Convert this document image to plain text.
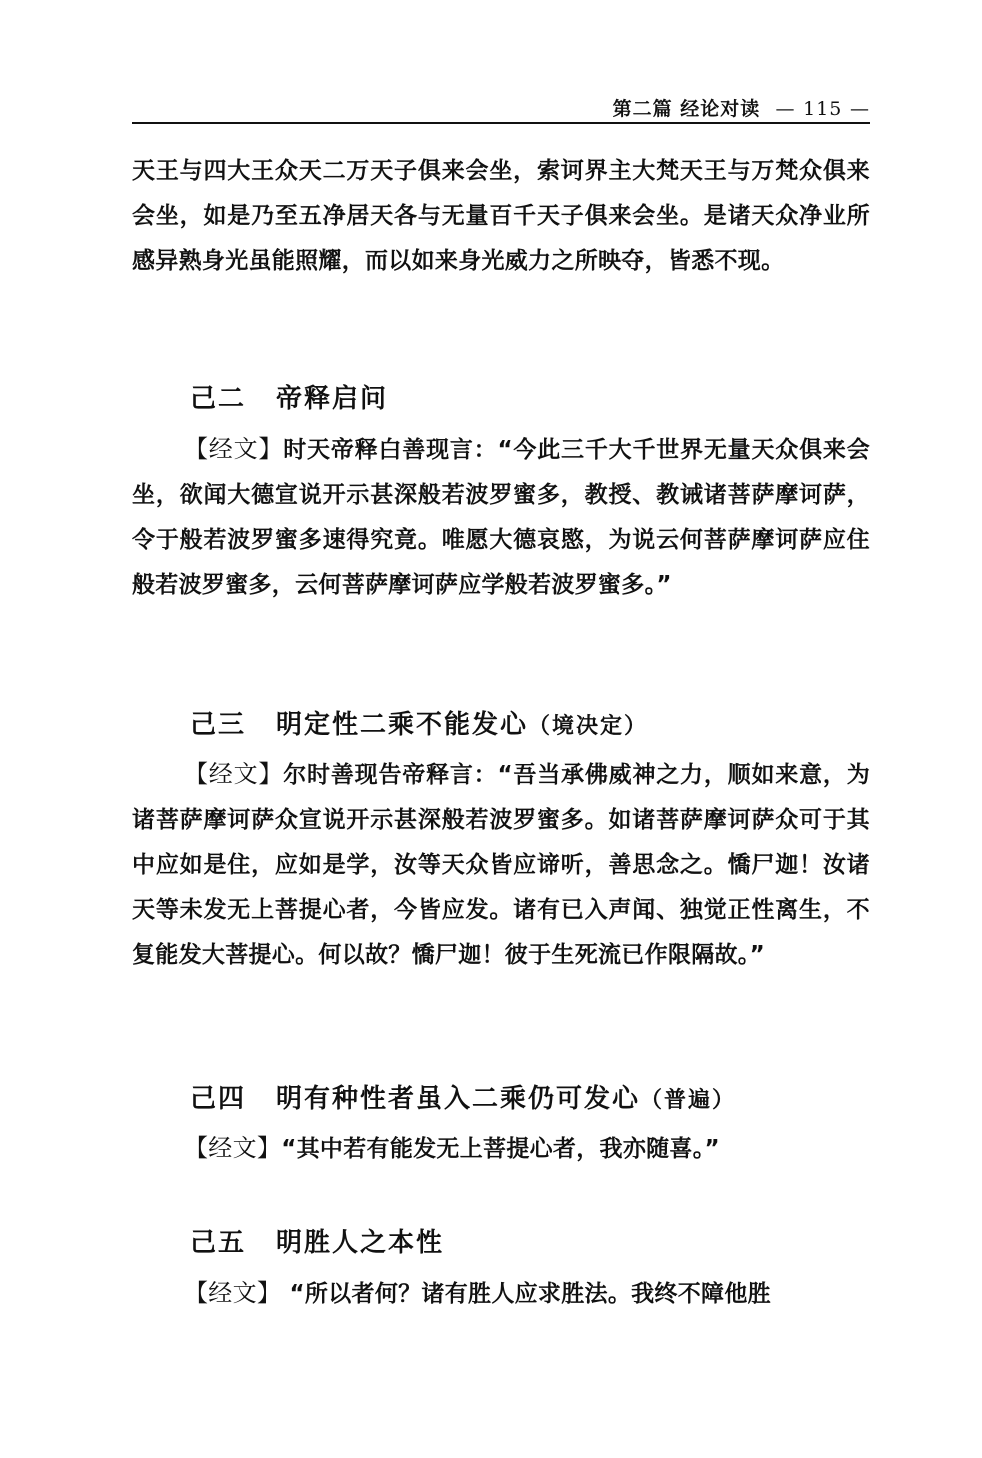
第二篇 经论对读 — 115 —

天王与四大王众天二万天子俱来会坐，索诃界主大梵天王与万梵众俱来会坐，如是乃至五净居天各与无量百千天子俱来会坐。是诸天众净业所感异熟身光虽能照耀，而以如来身光威力之所映夺，皆悉不现。

己二 帝释启问

【经文】时天帝释白善现言：“今此三千大千世界无量天众俱来会坐，欲闻大德宣说开示甚深般若波罗蜜多，教授、教诫诸菩萨摩诃萨，令于般若波罗蜜多速得究竟。唯愿大德哀愍，为说云何菩萨摩诃萨应住般若波罗蜜多，云何菩萨摩诃萨应学般若波罗蜜多。”

己三 明定性二乘不能发心（境决定）

【经文】尔时善现告帝释言：“吾当承佛威神之力，顺如来意，为诸菩萨摩诃萨众宣说开示甚深般若波罗蜜多。如诸菩萨摩诃萨众可于其中应如是住，应如是学，汝等天众皆应谛听，善思念之。憍尸迦！汝诸天等未发无上菩提心者，今皆应发。诸有已入声闻、独觉正性离生，不复能发大菩提心。何以故？憍尸迦！彼于生死流已作限隔故。”

己四 明有种性者虽入二乘仍可发心（普遍）

【经文】“其中若有能发无上菩提心者，我亦随喜。”

己五 明胜人之本性

【经文】 “所以者何？诸有胜人应求胜法。我终不障他胜
